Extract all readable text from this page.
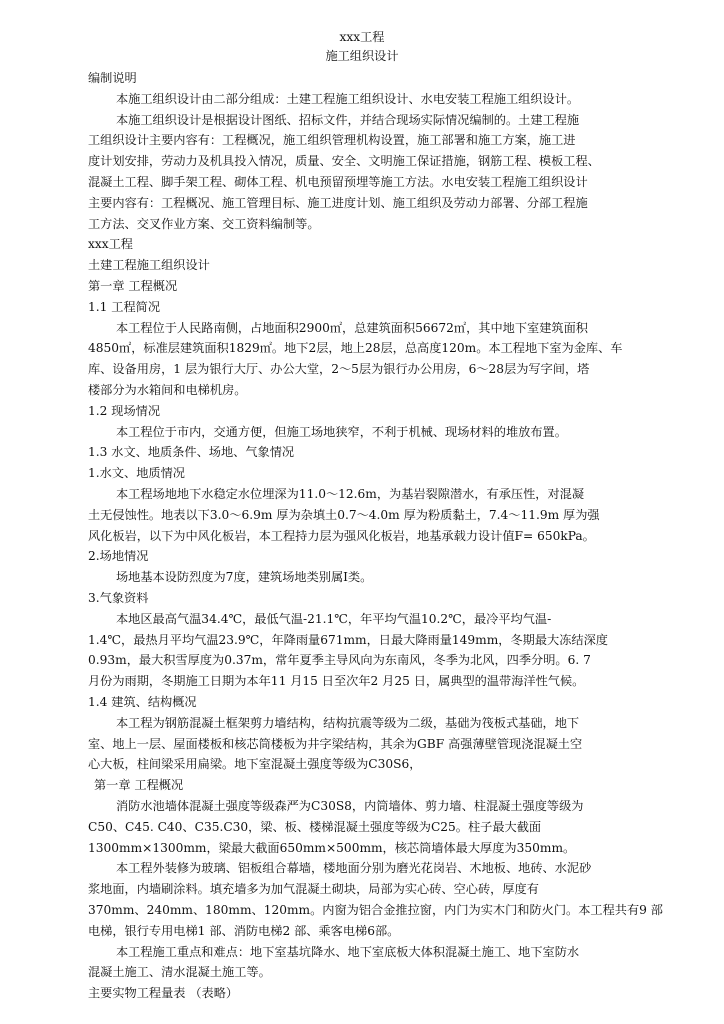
xxx工程
施工组织设计
编制说明
本施工组织设计由二部分组成：土建工程施工组织设计、水电安装工程施工组织设计。
本施工组织设计是根据设计图纸、招标文件，并结合现场实际情况编制的。土建工程施
工组织设计主要内容有：工程概况，施工组织管理机构设置，施工部署和施工方案，施工进
度计划安排，劳动力及机具投入情况，质量、安全、文明施工保证措施，钢筋工程、模板工程、
混凝土工程、脚手架工程、砌体工程、机电预留预埋等施工方法。水电安装工程施工组织设计
主要内容有：工程概况、施工管理目标、施工进度计划、施工组织及劳动力部署、分部工程施
工方法、交叉作业方案、交工资料编制等。
xxx工程
土建工程施工组织设计
第一章 工程概况
1.1 工程简况
本工程位于人民路南侧，占地面积2900㎡，总建筑面积56672㎡，其中地下室建筑面积
4850㎡，标准层建筑面积1829㎡。地下2层，地上28层，总高度120m。本工程地下室为金库、车
库、设备用房，1 层为银行大厅、办公大堂，2～5层为银行办公用房，6～28层为写字间，塔
楼部分为水箱间和电梯机房。
1.2 现场情况
本工程位于市内，交通方便，但施工场地狭窄，不利于机械、现场材料的堆放布置。
1.3 水文、地质条件、场地、气象情况
1.水文、地质情况
本工程场地地下水稳定水位埋深为11.0～12.6m，为基岩裂隙潜水，有承压性，对混凝
土无侵蚀性。地表以下3.0～6.9m 厚为杂填土0.7～4.0m 厚为粉质黏土，7.4～11.9m 厚为强
风化板岩，以下为中风化板岩，本工程持力层为强风化板岩，地基承载力设计值F= 650kPa。
2.场地情况
场地基本设防烈度为7度，建筑场地类别属Ⅰ类。
3.气象资料
本地区最高气温34.4℃，最低气温-21.1℃，年平均气温10.2℃，最冷平均气温-
1.4℃，最热月平均气温23.9℃，年降雨量671mm，日最大降雨量149mm，冬期最大冻结深度
0.93m，最大积雪厚度为0.37m，常年夏季主导风向为东南风，冬季为北风，四季分明。6. 7
月份为雨期，冬期施工日期为本年11 月15 日至次年2 月25 日，属典型的温带海洋性气候。
1.4 建筑、结构概况
本工程为钢筋混凝土框架剪力墙结构，结构抗震等级为二级，基础为筏板式基础，地下
室、地上一层、屋面楼板和核芯筒楼板为井字梁结构，其余为GBF 高强薄壁管现浇混凝土空
心大板，柱间梁采用扁梁。地下室混凝土强度等级为C30S6，
第一章 工程概况
消防水池墙体混凝土强度等级森严为C30S8，内筒墙体、剪力墙、柱混凝土强度等级为
C50、C45. C40、C35.C30，梁、板、楼梯混凝土强度等级为C25。柱子最大截面
1300mm×1300mm，梁最大截面650mm×500mm，核芯筒墙体最大厚度为350mm。
本工程外装修为玻璃、铝板组合幕墙，楼地面分别为磨光花岗岩、木地板、地砖、水泥砂
浆地面，内墙刷涂料。填充墙多为加气混凝土砌块，局部为实心砖、空心砖，厚度有
370mm、240mm、180mm、120mm。内窗为铝合金推拉窗，内门为实木门和防火门。本工程共有9 部
电梯，银行专用电梯1 部、消防电梯2 部、乘客电梯6部。
本工程施工重点和难点：地下室基坑降水、地下室底板大体积混凝土施工、地下室防水
混凝土施工、清水混凝土施工等。
主要实物工程量表 （表略）
